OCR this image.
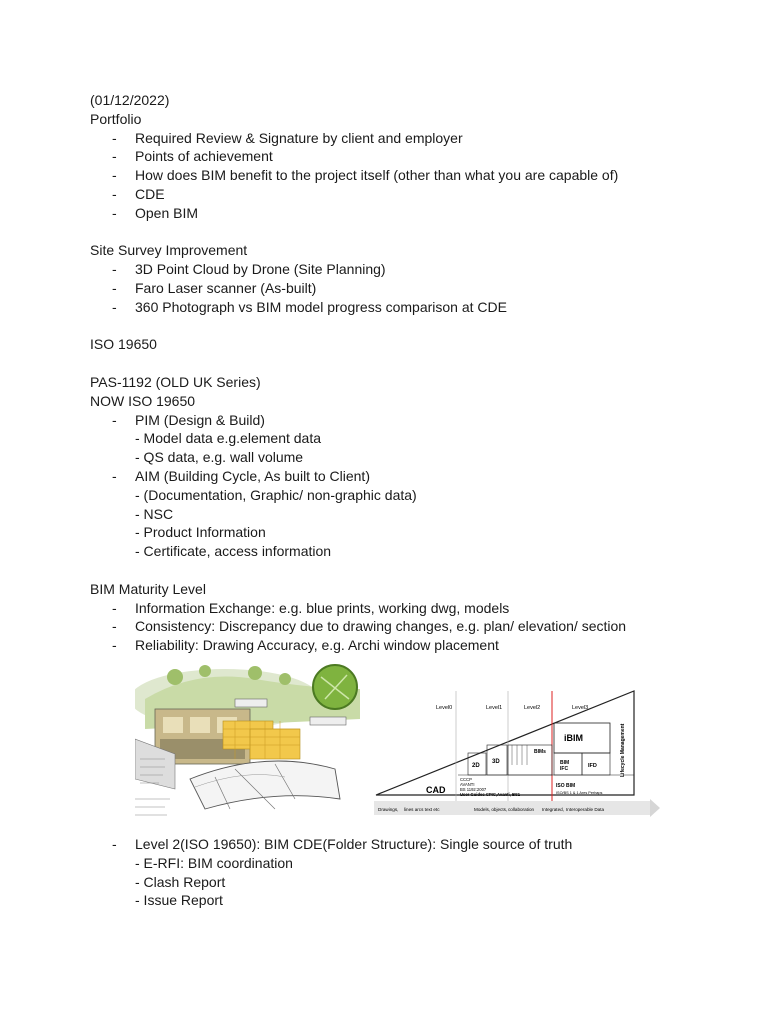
(01/12/2022)
Portfolio
- Required Review & Signature by client and employer
- Points of achievement
- How does BIM benefit to the project itself (other than what you are capable of)
- CDE
- Open BIM
Site Survey Improvement
- 3D Point Cloud by Drone (Site Planning)
- Faro Laser scanner (As-built)
- 360 Photograph vs BIM model progress comparison at CDE
ISO 19650
PAS-1192 (OLD UK Series)
NOW ISO 19650
- PIM (Design & Build)
- Model data e.g.element data
- QS data, e.g. wall volume
- AIM (Building Cycle, As built to Client)
- (Documentation, Graphic/ non-graphic data)
- NSC
- Product Information
- Certificate, access information
BIM Maturity Level
- Information Exchange: e.g. blue prints, working dwg, models
- Consistency: Discrepancy due to drawing changes, e.g. plan/ elevation/ section
- Reliability: Drawing Accuracy, e.g. Archi window placement
Level0	Level1	Level2	Level3
CAD
2D
3D
BIMs
iBIM
BIM
IFC	IFD	Lifecycle Management
CCCP
AVANTI
BS 1192:2007
User Guides CPIC,Avanti, BS1
ISO BIM
ISO/BS 1 & 1 Ares Perhaps
Drawings, lines arcs text etc	Models, objects, collaboration Integrated, Interoperable Data
- Level 2(ISO 19650): BIM CDE(Folder Structure): Single source of truth
- E-RFI: BIM coordination
- Clash Report
- Issue Report
